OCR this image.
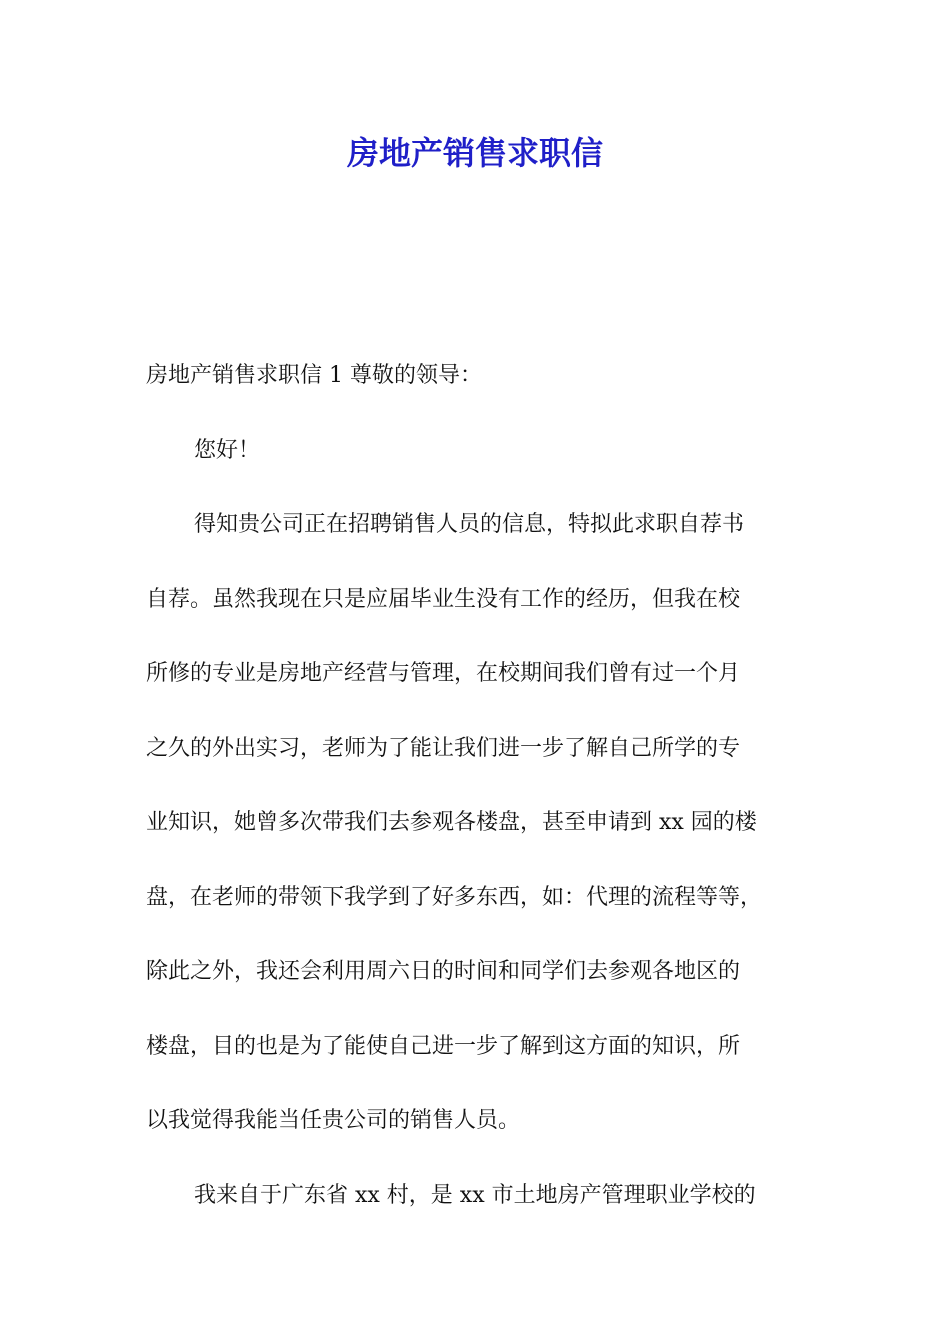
房地产销售求职信

房地产销售求职信 1 尊敬的领导：

您好！

得知贵公司正在招聘销售人员的信息，特拟此求职自荐书

自荐。虽然我现在只是应届毕业生没有工作的经历，但我在校

所修的专业是房地产经营与管理，在校期间我们曾有过一个月

之久的外出实习，老师为了能让我们进一步了解自己所学的专

业知识，她曾多次带我们去参观各楼盘，甚至申请到 xx 园的楼

盘，在老师的带领下我学到了好多东西，如：代理的流程等等，

除此之外，我还会利用周六日的时间和同学们去参观各地区的

楼盘，目的也是为了能使自己进一步了解到这方面的知识，所

以我觉得我能当任贵公司的销售人员。

我来自于广东省 xx 村，是 xx 市土地房产管理职业学校的
